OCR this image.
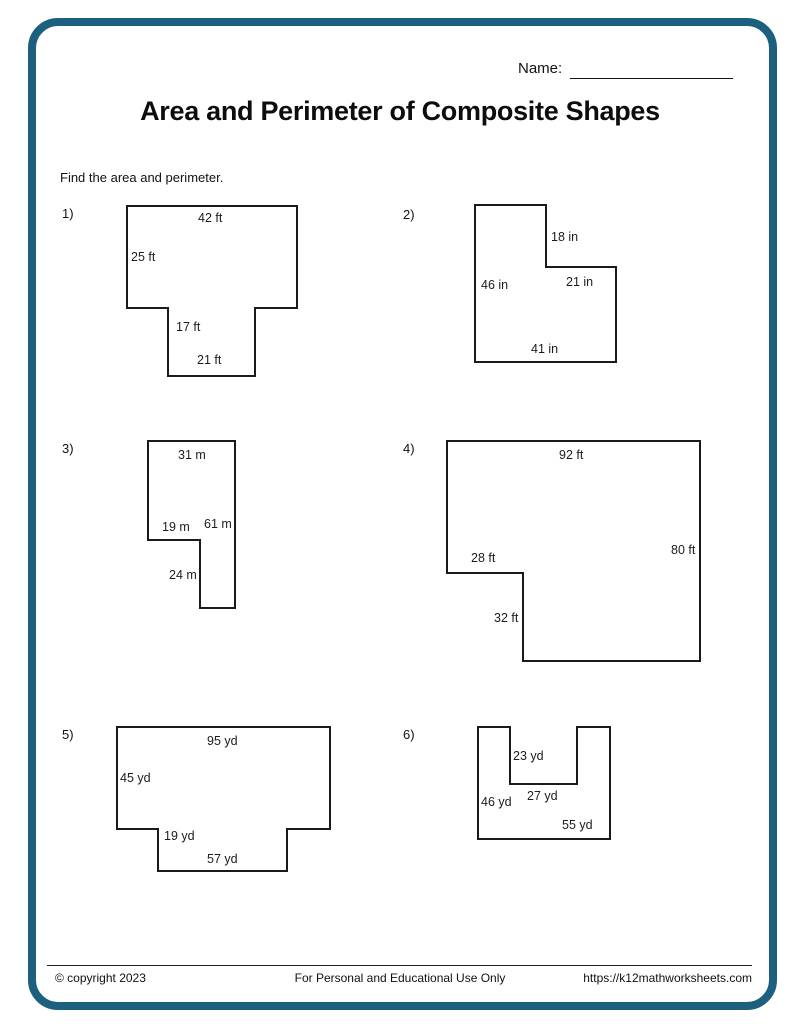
Name:
Area and Perimeter of Composite Shapes
Find the area and perimeter.
1)	42 ft
25 ft
17 ft
21 ft
2)
18 in
46 in	21 in
41 in
3)	31 m
19 m 61 m
24 m
4)	92 ft
80 ft
28 ft
32 ft
5)	95 yd
45 yd
19 yd
57 yd
6)
23 yd
46 yd 27 yd
55 yd
© copyright 2023	For Personal and Educational Use Only	https://k12mathworksheets.com
